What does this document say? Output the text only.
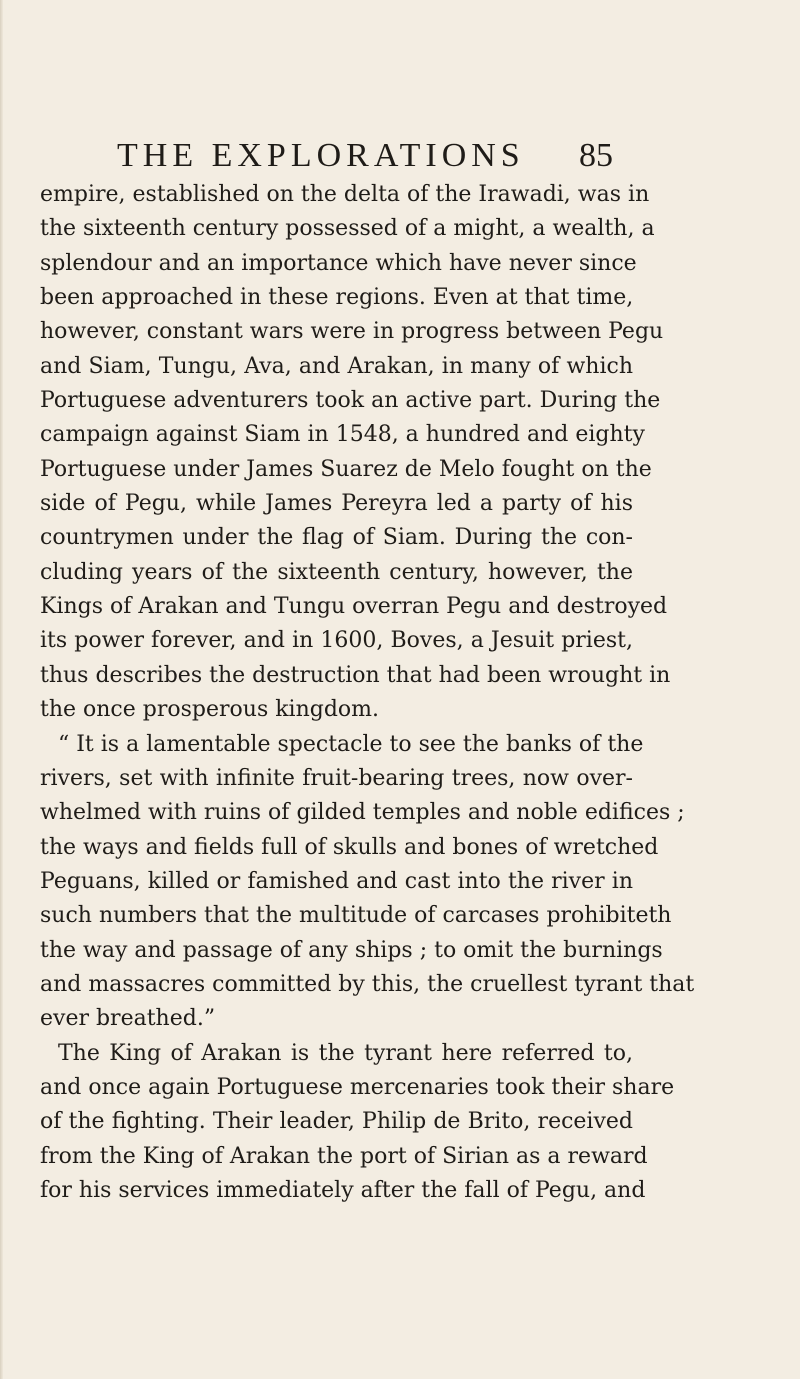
THE EXPLORATIONS 85
empire, established on the delta of the Irawadi, was in
the sixteenth century possessed of a might, a wealth, a
splendour and an importance which have never since
been approached in these regions. Even at that time,
however, constant wars were in progress between Pegu
and Siam, Tungu, Ava, and Arakan, in many of which
Portuguese adventurers took an active part. During the
campaign against Siam in 1548, a hundred and eighty
Portuguese under James Suarez de Melo fought on the
side of Pegu, while James Pereyra led a party of his
countrymen under the flag of Siam. During the con-
cluding years of the sixteenth century, however, the
Kings of Arakan and Tungu overran Pegu and destroyed
its power forever, and in 1600, Boves, a Jesuit priest,
thus describes the destruction that had been wrought in
the once prosperous kingdom.
“ It is a lamentable spectacle to see the banks of the
rivers, set with infinite fruit-bearing trees, now over-
whelmed with ruins of gilded temples and noble edifices ;
the ways and fields full of skulls and bones of wretched
Peguans, killed or famished and cast into the river in
such numbers that the multitude of carcases prohibiteth
the way and passage of any ships ; to omit the burnings
and massacres committed by this, the cruellest tyrant that
ever breathed.”
The King of Arakan is the tyrant here referred to,
and once again Portuguese mercenaries took their share
of the fighting. Their leader, Philip de Brito, received
from the King of Arakan the port of Sirian as a reward
for his services immediately after the fall of Pegu, and
